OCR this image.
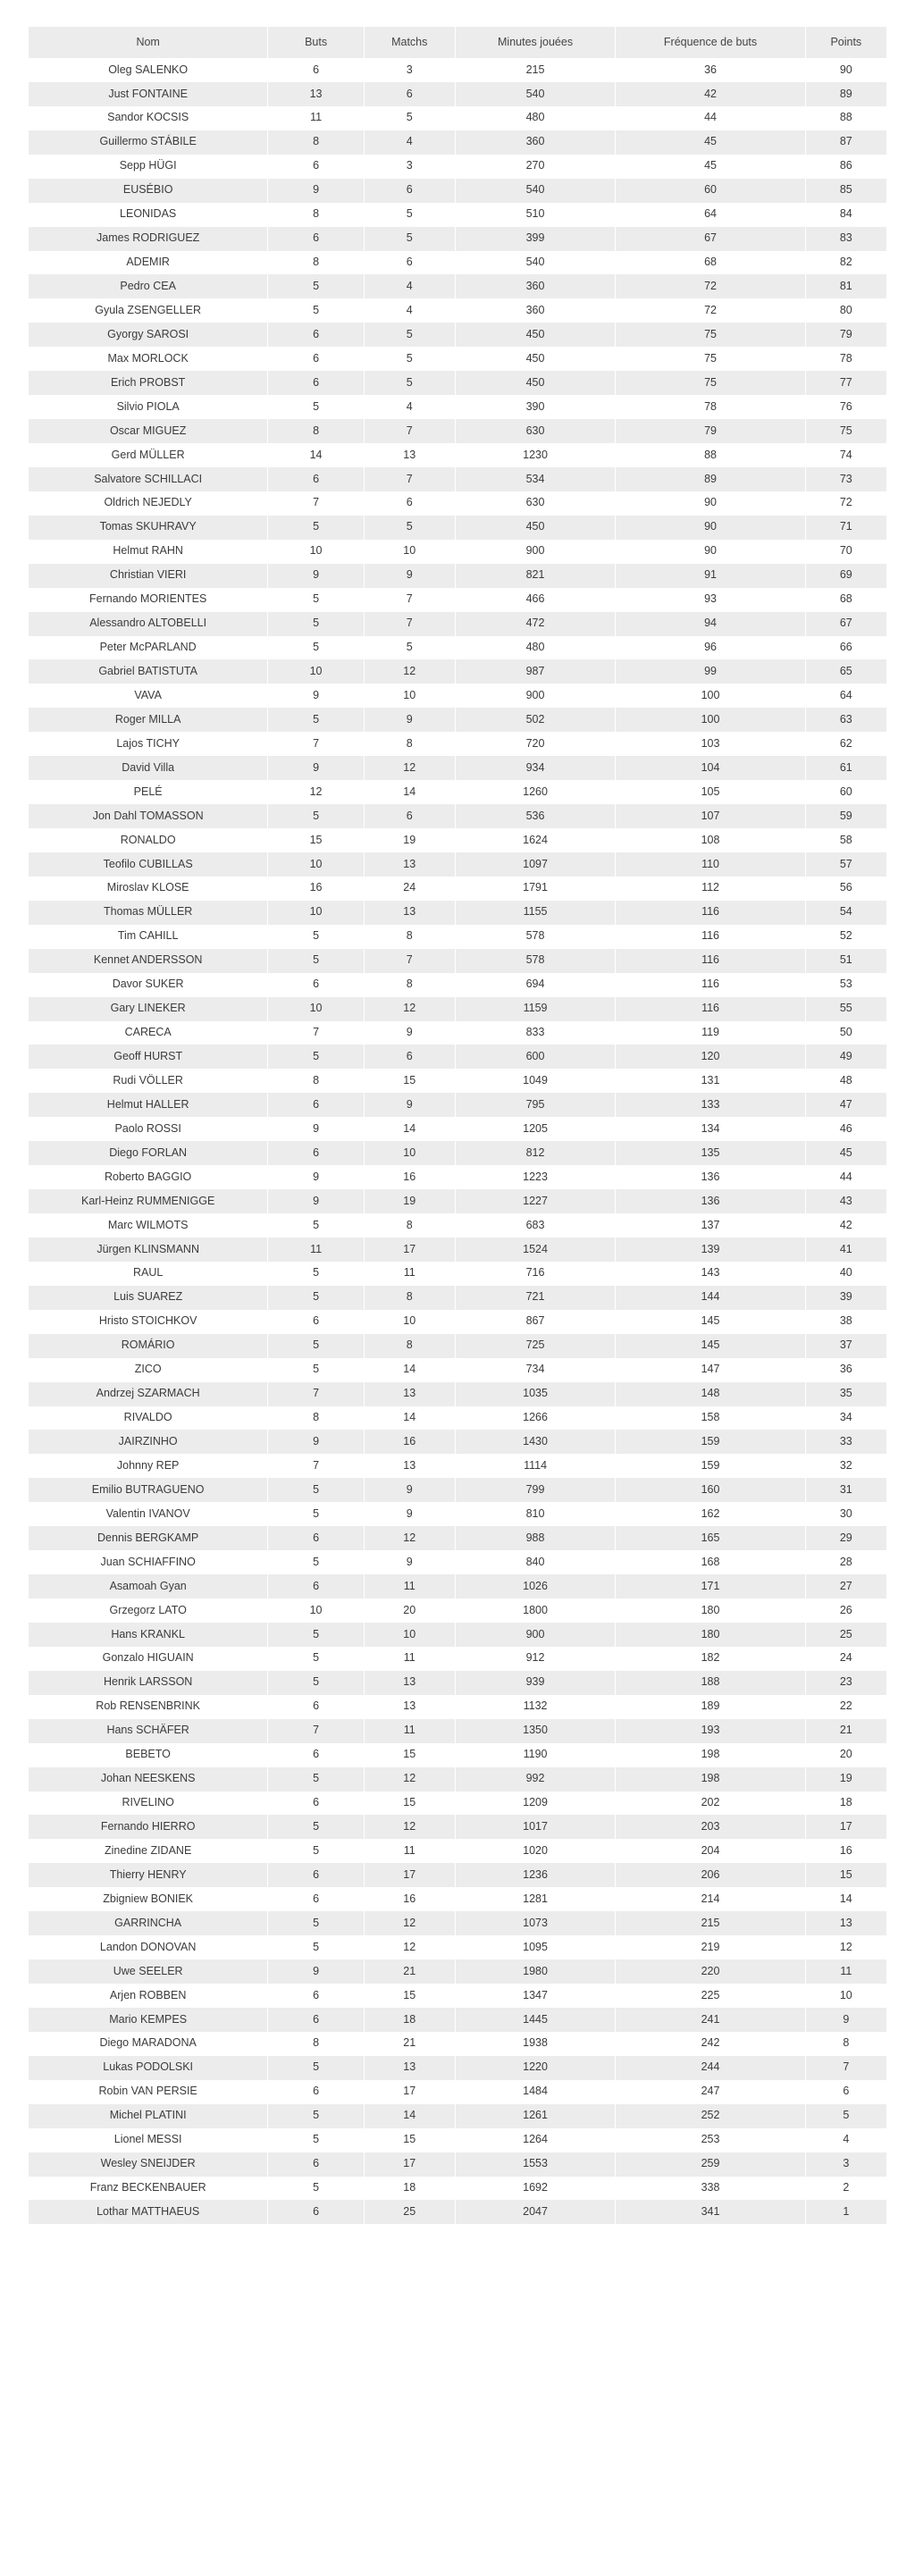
Nom	Buts	Matchs	Minutes jouées	Fréquence de buts	Points
Oleg SALENKO	6	3	215	36	90
Just FONTAINE	13	6	540	42	89
Sandor KOCSIS	11	5	480	44	88
Guillermo STÁBILE	8	4	360	45	87
Sepp HÜGI	6	3	270	45	86
EUSÉBIO	9	6	540	60	85
LEONIDAS	8	5	510	64	84
James RODRIGUEZ	6	5	399	67	83
ADEMIR	8	6	540	68	82
Pedro CEA	5	4	360	72	81
Gyula ZSENGELLER	5	4	360	72	80
Gyorgy SAROSI	6	5	450	75	79
Max MORLOCK	6	5	450	75	78
Erich PROBST	6	5	450	75	77
Silvio PIOLA	5	4	390	78	76
Oscar MIGUEZ	8	7	630	79	75
Gerd MÜLLER	14	13	1230	88	74
Salvatore SCHILLACI	6	7	534	89	73
Oldrich NEJEDLY	7	6	630	90	72
Tomas SKUHRAVY	5	5	450	90	71
Helmut RAHN	10	10	900	90	70
Christian VIERI	9	9	821	91	69
Fernando MORIENTES	5	7	466	93	68
Alessandro ALTOBELLI	5	7	472	94	67
Peter McPARLAND	5	5	480	96	66
Gabriel BATISTUTA	10	12	987	99	65
VAVA	9	10	900	100	64
Roger MILLA	5	9	502	100	63
Lajos TICHY	7	8	720	103	62
David Villa	9	12	934	104	61
PELÉ	12	14	1260	105	60
Jon Dahl TOMASSON	5	6	536	107	59
RONALDO	15	19	1624	108	58
Teofilo CUBILLAS	10	13	1097	110	57
Miroslav KLOSE	16	24	1791	112	56
Thomas MÜLLER	10	13	1155	116	54
Tim CAHILL	5	8	578	116	52
Kennet ANDERSSON	5	7	578	116	51
Davor SUKER	6	8	694	116	53
Gary LINEKER	10	12	1159	116	55
CARECA	7	9	833	119	50
Geoff HURST	5	6	600	120	49
Rudi VÖLLER	8	15	1049	131	48
Helmut HALLER	6	9	795	133	47
Paolo ROSSI	9	14	1205	134	46
Diego FORLAN	6	10	812	135	45
Roberto BAGGIO	9	16	1223	136	44
Karl-Heinz RUMMENIGGE	9	19	1227	136	43
Marc WILMOTS	5	8	683	137	42
Jürgen KLINSMANN	11	17	1524	139	41
RAUL	5	11	716	143	40
Luis SUAREZ	5	8	721	144	39
Hristo STOICHKOV	6	10	867	145	38
ROMÁRIO	5	8	725	145	37
ZICO	5	14	734	147	36
Andrzej SZARMACH	7	13	1035	148	35
RIVALDO	8	14	1266	158	34
JAIRZINHO	9	16	1430	159	33
Johnny REP	7	13	1114	159	32
Emilio BUTRAGUENO	5	9	799	160	31
Valentin IVANOV	5	9	810	162	30
Dennis BERGKAMP	6	12	988	165	29
Juan SCHIAFFINO	5	9	840	168	28
Asamoah Gyan	6	11	1026	171	27
Grzegorz LATO	10	20	1800	180	26
Hans KRANKL	5	10	900	180	25
Gonzalo HIGUAIN	5	11	912	182	24
Henrik LARSSON	5	13	939	188	23
Rob RENSENBRINK	6	13	1132	189	22
Hans SCHÄFER	7	11	1350	193	21
BEBETO	6	15	1190	198	20
Johan NEESKENS	5	12	992	198	19
RIVELINO	6	15	1209	202	18
Fernando HIERRO	5	12	1017	203	17
Zinedine ZIDANE	5	11	1020	204	16
Thierry HENRY	6	17	1236	206	15
Zbigniew BONIEK	6	16	1281	214	14
GARRINCHA	5	12	1073	215	13
Landon DONOVAN	5	12	1095	219	12
Uwe SEELER	9	21	1980	220	11
Arjen ROBBEN	6	15	1347	225	10
Mario KEMPES	6	18	1445	241	9
Diego MARADONA	8	21	1938	242	8
Lukas PODOLSKI	5	13	1220	244	7
Robin VAN PERSIE	6	17	1484	247	6
Michel PLATINI	5	14	1261	252	5
Lionel MESSI	5	15	1264	253	4
Wesley SNEIJDER	6	17	1553	259	3
Franz BECKENBAUER	5	18	1692	338	2
Lothar MATTHAEUS	6	25	2047	341	1
